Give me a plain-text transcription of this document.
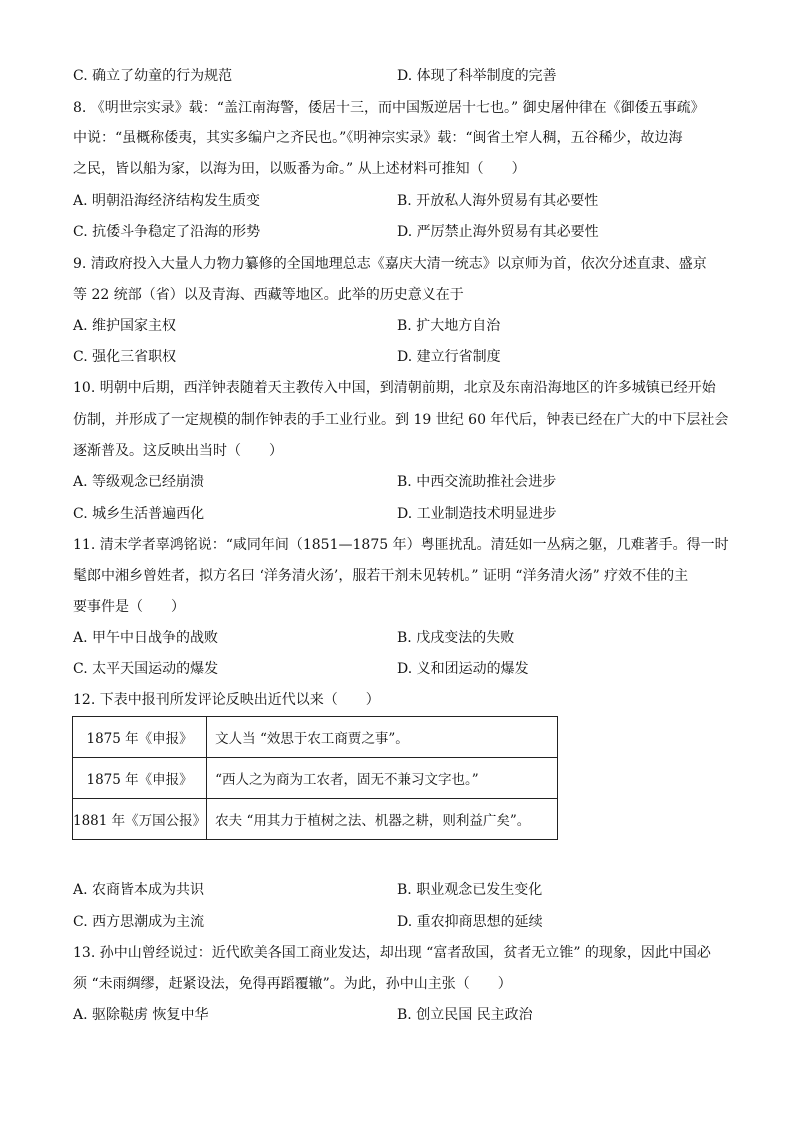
C. 确立了幼童的行为规范	D. 体现了科举制度的完善
8. 《明世宗实录》载：“盖江南海警，倭居十三，而中国叛逆居十七也。” 御史屠仲律在《御倭五事疏》
中说：“虽概称倭夷，其实多编户之齐民也。”《明神宗实录》载：“闽省土窄人稠，五谷稀少，故边海
之民，皆以船为家，以海为田，以贩番为命。” 从上述材料可推知（　　）
A. 明朝沿海经济结构发生质变	B. 开放私人海外贸易有其必要性
C. 抗倭斗争稳定了沿海的形势	D. 严厉禁止海外贸易有其必要性
9. 清政府投入大量人力物力纂修的全国地理总志《嘉庆大清一统志》以京师为首，依次分述直隶、盛京
等 22 统部（省）以及青海、西藏等地区。此举的历史意义在于
A. 维护国家主权	B. 扩大地方自治
C. 强化三省职权	D. 建立行省制度
10. 明朝中后期，西洋钟表随着天主教传入中国，到清朝前期，北京及东南沿海地区的许多城镇已经开始
仿制，并形成了一定规模的制作钟表的手工业行业。到 19 世纪 60 年代后，钟表已经在广大的中下层社会
逐渐普及。这反映出当时（　　）
A. 等级观念已经崩溃	B. 中西交流助推社会进步
C. 城乡生活普遍西化	D. 工业制造技术明显进步
11. 清末学者辜鸿铭说：“咸同年间（1851—1875 年）粤匪扰乱。清廷如一丛病之躯，几难著手。得一时
髦郎中湘乡曾姓者，拟方名曰 ‘洋务清火汤’，服若干剂未见转机。” 证明 “洋务清火汤” 疗效不佳的主
要事件是（　　）
A. 甲午中日战争的战败	B. 戊戌变法的失败
C. 太平天国运动的爆发	D. 义和团运动的爆发
12. 下表中报刊所发评论反映出近代以来（　　）
1875 年《申报》	文人当 “效思于农工商贾之事”。
1875 年《申报》	“西人之为商为工农者，固无不兼习文字也。”
1881 年《万国公报》	农夫 “用其力于植树之法、机器之耕，则利益广矣”。
A. 农商皆本成为共识	B. 职业观念已发生变化
C. 西方思潮成为主流	D. 重农抑商思想的延续
13. 孙中山曾经说过：近代欧美各国工商业发达，却出现 “富者敌国，贫者无立锥” 的现象，因此中国必
须 “未雨绸缪，赶紧设法，免得再蹈覆辙”。为此，孙中山主张（　　）
A. 驱除鞑虏 恢复中华	B. 创立民国 民主政治
